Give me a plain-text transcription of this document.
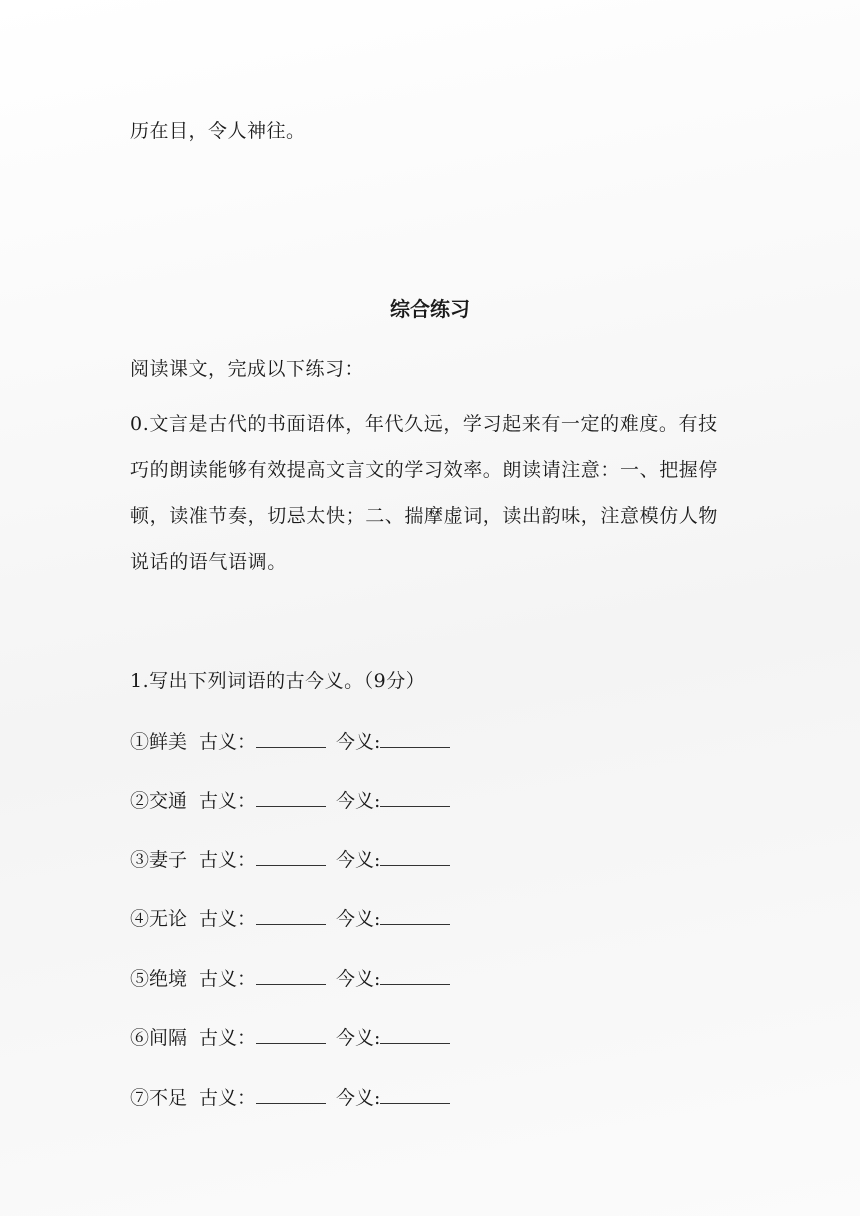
历在目，令人神往。
综合练习
阅读课文，完成以下练习：
0.文言是古代的书面语体，年代久远，学习起来有一定的难度。有技巧的朗读能够有效提高文言文的学习效率。朗读请注意：一、把握停顿，读准节奏，切忌太快；二、揣摩虚词，读出韵味，注意模仿人物说话的语气语调。
1.写出下列词语的古今义。（9分）
①鲜美 古义：	今义:
②交通 古义：	今义:
③妻子 古义：	今义:
④无论 古义：	今义:
⑤绝境 古义：	今义:
⑥间隔 古义：	今义:
⑦不足 古义：	今义:
